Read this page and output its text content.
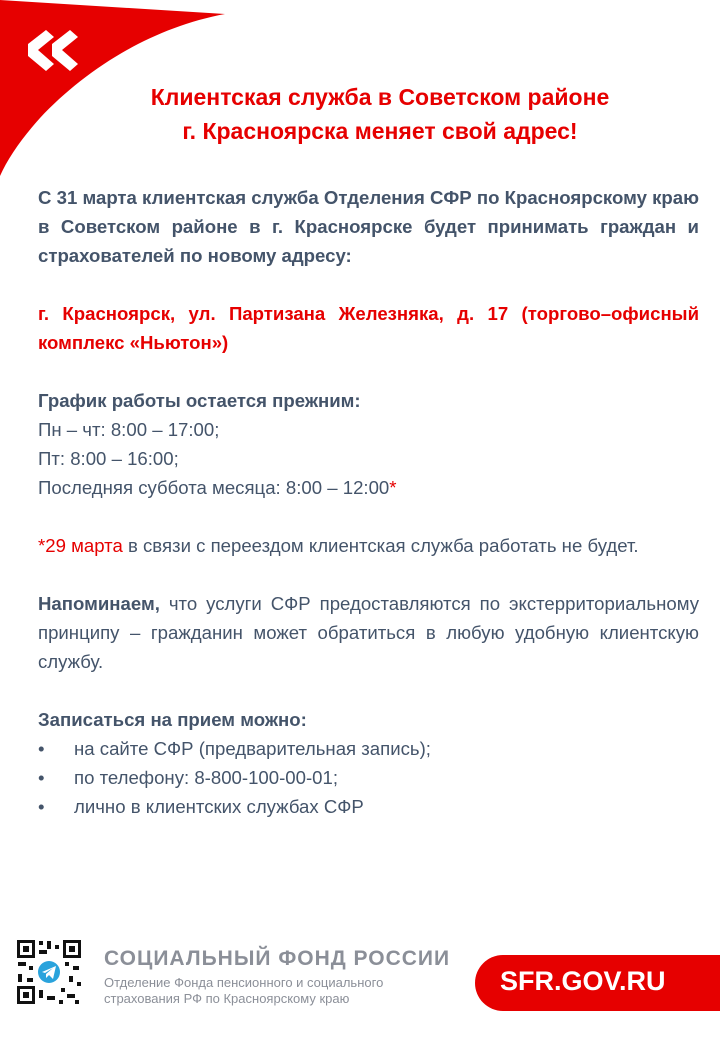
Клиентская служба в Советском районе
г. Красноярска меняет свой адрес!

С 31 марта клиентская служба Отделения СФР по Красноярскому краю в Советском районе в г. Красноярске будет принимать граждан и страхователей по новому адресу:

г. Красноярск, ул. Партизана Железняка, д. 17 (торгово–офисный комплекс «Ньютон»)

График работы остается прежним:
Пн – чт: 8:00 – 17:00;
Пт: 8:00 – 16:00;
Последняя суббота месяца: 8:00 – 12:00*

*29 марта в связи с переездом клиентская служба работать не будет.

Напоминаем, что услуги СФР предоставляются по экстерриториальному принципу – гражданин может обратиться в любую удобную клиентскую службу.

Записаться на прием можно:
• на сайте СФР (предварительная запись);
• по телефону: 8-800-100-00-01;
• лично в клиентских службах СФР
СОЦИАЛЬНЫЙ ФОНД РОССИИ
Отделение Фонда пенсионного и социального
страхования РФ по Красноярскому краю
SFR.GOV.RU
